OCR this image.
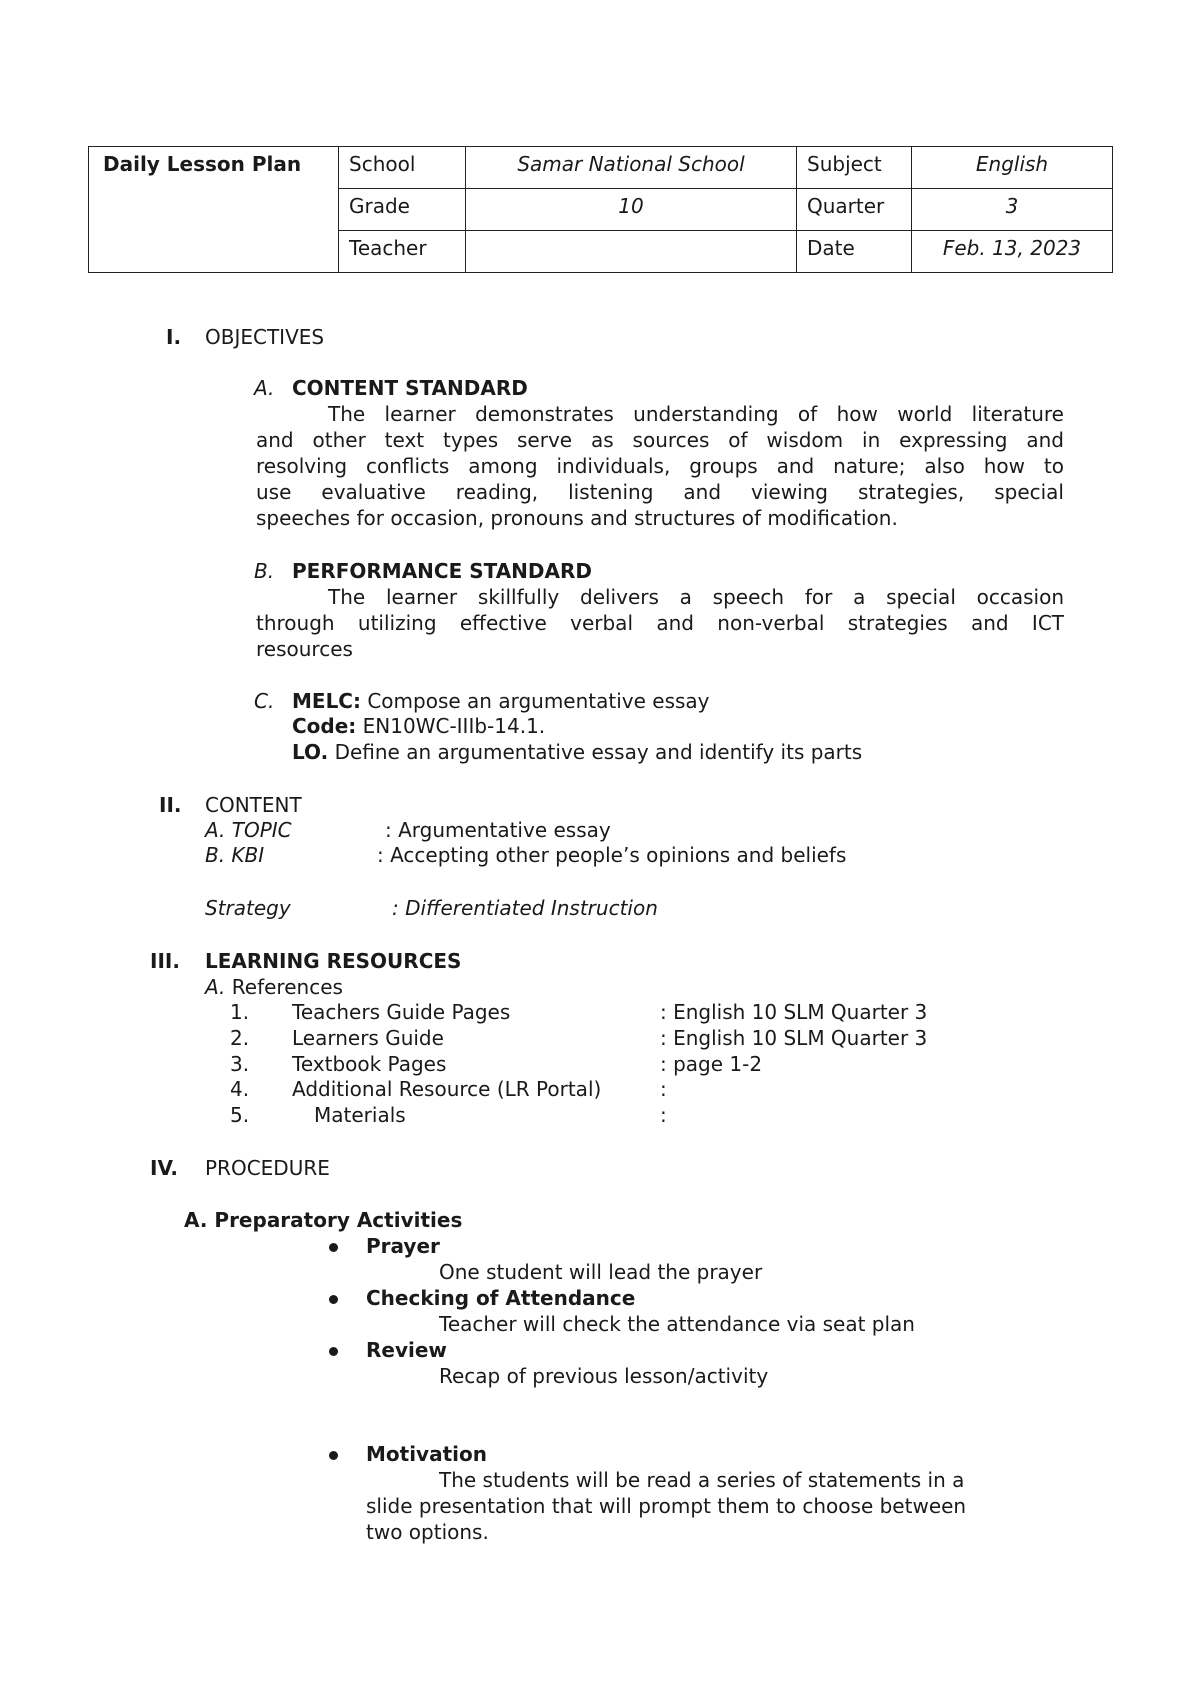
Daily Lesson Plan	School	Samar National School	Subject	English
	Grade	10	Quarter	3
	Teacher		Date	Feb. 13, 2023
I. OBJECTIVES
A. CONTENT STANDARD
The learner demonstrates understanding of how world literature
and other text types serve as sources of wisdom in expressing and
resolving conflicts among individuals, groups and nature; also how to
use evaluative reading, listening and viewing strategies, special
speeches for occasion, pronouns and structures of modification.
B. PERFORMANCE STANDARD
The learner skillfully delivers a speech for a special occasion
through utilizing effective verbal and non-verbal strategies and ICT
resources
C. MELC: Compose an argumentative essay
Code: EN10WC-IIIb-14.1.
LO. Define an argumentative essay and identify its parts
II. CONTENT
A. TOPIC	: Argumentative essay
B. KBI	: Accepting other people’s opinions and beliefs
Strategy	: Differentiated Instruction
III. LEARNING RESOURCES
A. References
1. Teachers Guide Pages	: English 10 SLM Quarter 3
2. Learners Guide	: English 10 SLM Quarter 3
3. Textbook Pages	: page 1-2
4. Additional Resource (LR Portal)	:
5.	Materials	:
IV. PROCEDURE
A. Preparatory Activities
Prayer
One student will lead the prayer
Checking of Attendance
Teacher will check the attendance via seat plan
Review
Recap of previous lesson/activity
Motivation
The students will be read a series of statements in a
slide presentation that will prompt them to choose between
two options.
